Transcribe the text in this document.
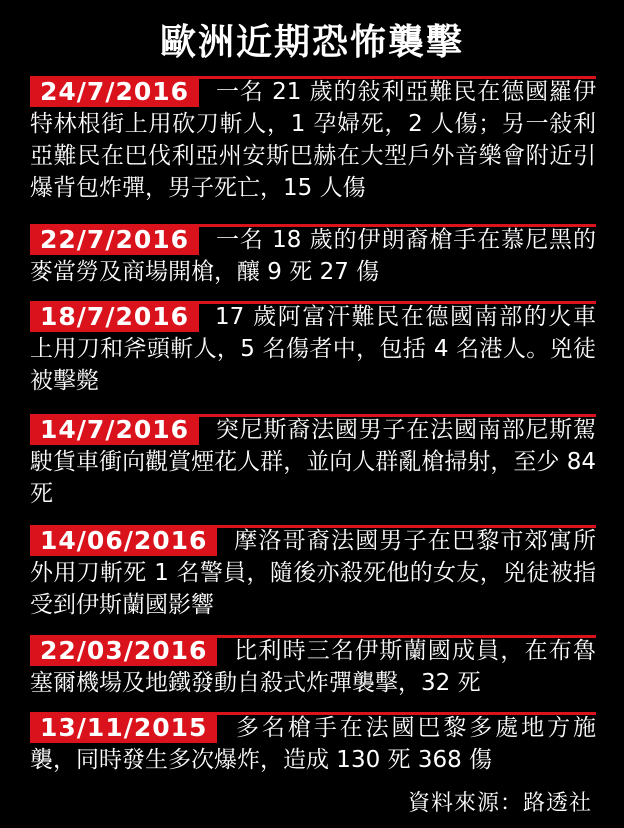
歐洲近期恐怖襲擊

一名 21 歲的敍利亞難民在德國羅伊特林根街上用砍刀斬人，1 孕婦死，2 人傷；另一敍利亞難民在巴伐利亞州安斯巴赫在大型戶外音樂會附近引爆背包炸彈，男子死亡，15 人傷

24/7/2016

一名 18 歲的伊朗裔槍手在慕尼黑的麥當勞及商場開槍，釀 9 死 27 傷

22/7/2016

17 歲阿富汗難民在德國南部的火車上用刀和斧頭斬人，5 名傷者中，包括 4 名港人。兇徒被擊斃

18/7/2016

突尼斯裔法國男子在法國南部尼斯駕駛貨車衝向觀賞煙花人群，並向人群亂槍掃射，至少 84 死

14/7/2016

摩洛哥裔法國男子在巴黎市郊寓所外用刀斬死 1 名警員，隨後亦殺死他的女友，兇徒被指受到伊斯蘭國影響

14/06/2016

比利時三名伊斯蘭國成員，在布魯塞爾機場及地鐵發動自殺式炸彈襲擊，32 死

22/03/2016

多名槍手在法國巴黎多處地方施襲，同時發生多次爆炸，造成 130 死 368 傷

13/11/2015
資料來源：路透社
